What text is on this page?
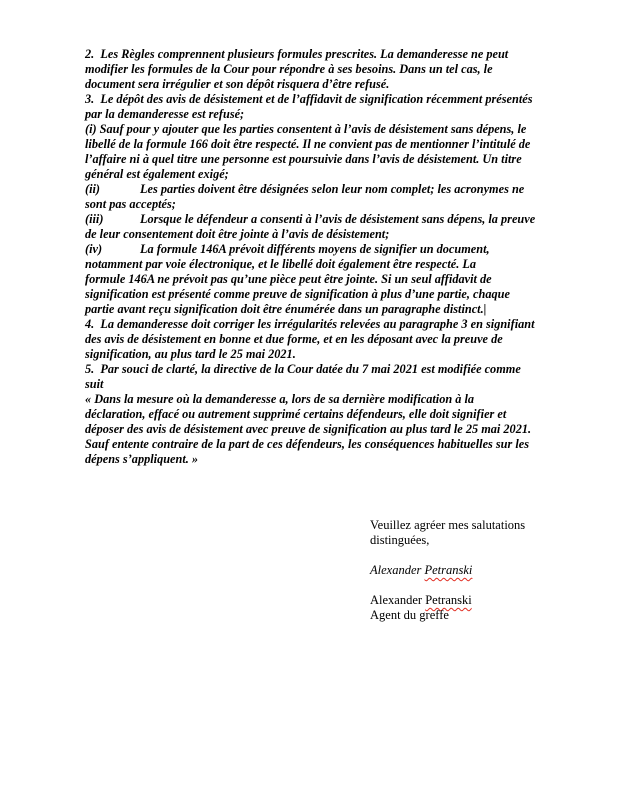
2.  Les Règles comprennent plusieurs formules prescrites. La demanderesse ne peut
modifier les formules de la Cour pour répondre à ses besoins. Dans un tel cas, le
document sera irrégulier et son dépôt risquera d’être refusé.
3.  Le dépôt des avis de désistement et de l’affidavit de signification récemment présentés
par la demanderesse est refusé;
(i) Sauf pour y ajouter que les parties consentent à l’avis de désistement sans dépens, le
libellé de la formule 166 doit être respecté. Il ne convient pas de mentionner l’intitulé de
l’affaire ni à quel titre une personne est poursuivie dans l’avis de désistement. Un titre
général est également exigé;
(ii)	Les parties doivent être désignées selon leur nom complet; les acronymes ne
sont pas acceptés;
(iii)	Lorsque le défendeur a consenti à l’avis de désistement sans dépens, la preuve
de leur consentement doit être jointe à l’avis de désistement;
(iv)	La formule 146A prévoit différents moyens de signifier un document,
notamment par voie électronique, et le libellé doit également être respecté. La
formule 146A ne prévoit pas qu’une pièce peut être jointe. Si un seul affidavit de
signification est présenté comme preuve de signification à plus d’une partie, chaque
partie avant reçu signification doit être énumérée dans un paragraphe distinct.|
4.  La demanderesse doit corriger les irrégularités relevées au paragraphe 3 en signifiant
des avis de désistement en bonne et due forme, et en les déposant avec la preuve de
signification, au plus tard le 25 mai 2021.
5.  Par souci de clarté, la directive de la Cour datée du 7 mai 2021 est modifiée comme
suit
« Dans la mesure où la demanderesse a, lors de sa dernière modification à la
déclaration, effacé ou autrement supprimé certains défendeurs, elle doit signifier et
déposer des avis de désistement avec preuve de signification au plus tard le 25 mai 2021.
Sauf entente contraire de la part de ces défendeurs, les conséquences habituelles sur les
dépens s’appliquent. »
Veuillez agréer mes salutations
distinguées,
Alexander Petranski
Alexander Petranski
Agent du greffe
